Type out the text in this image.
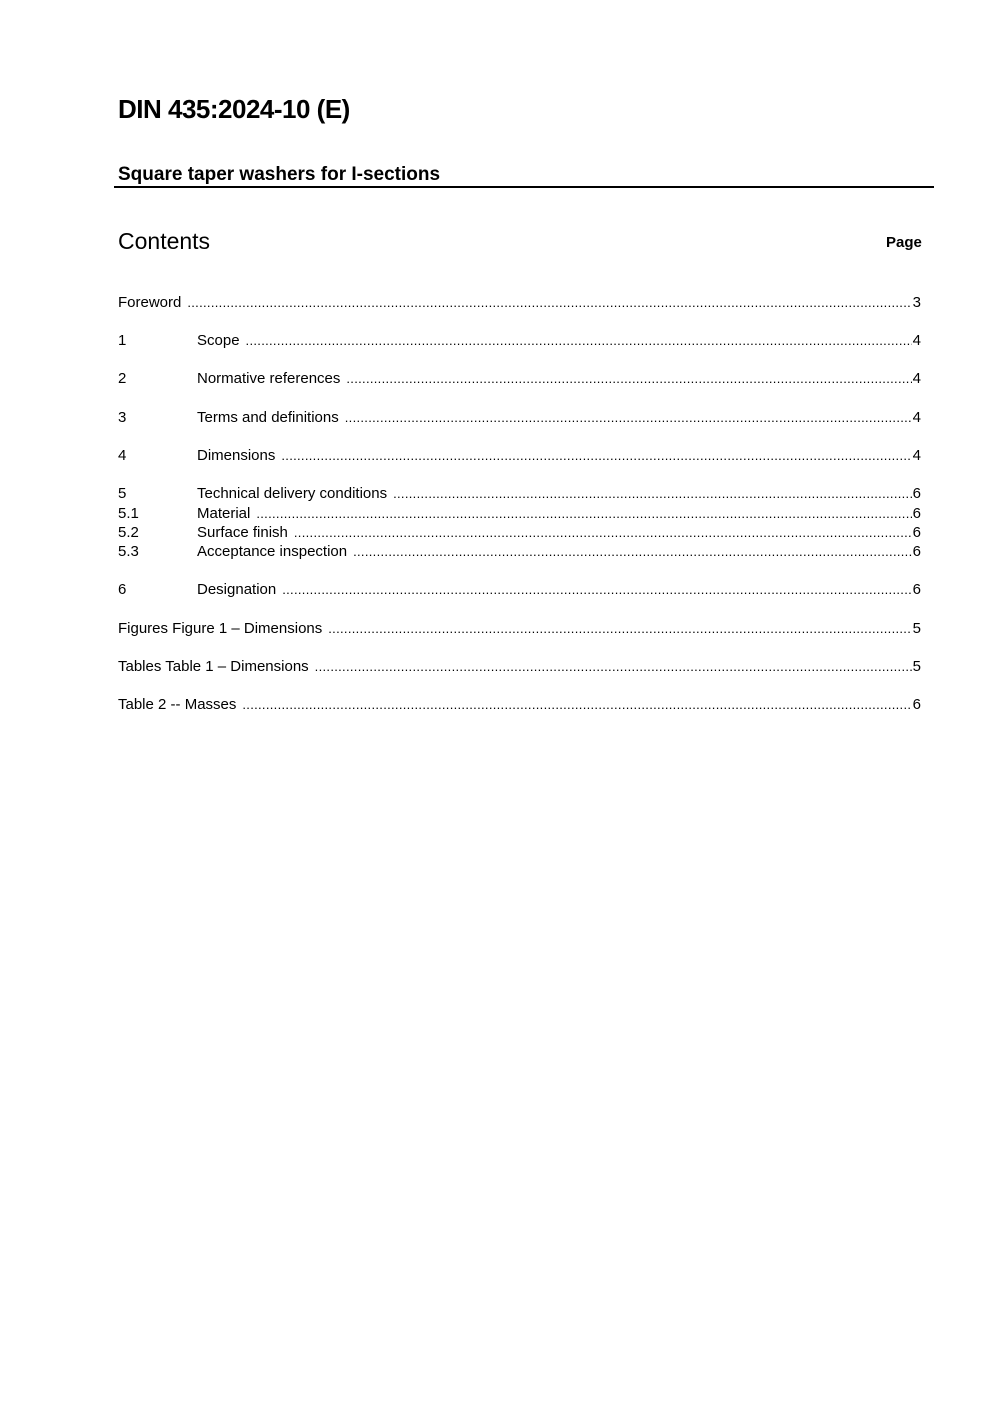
DIN 435:2024-10 (E)
Square taper washers for I-sections
Contents	Page
Foreword .....	3
1	Scope .....	4
2	Normative references .....	4
3	Terms and definitions .....	4
4	Dimensions .....	4
5	Technical delivery conditions .....	6
5.1	Material .....	6
5.2	Surface finish .....	6
5.3	Acceptance inspection .....	6
6	Designation .....	6
Figures Figure 1 – Dimensions .....	5
Tables Table 1 – Dimensions .....	5
Table 2 -- Masses .....	6
